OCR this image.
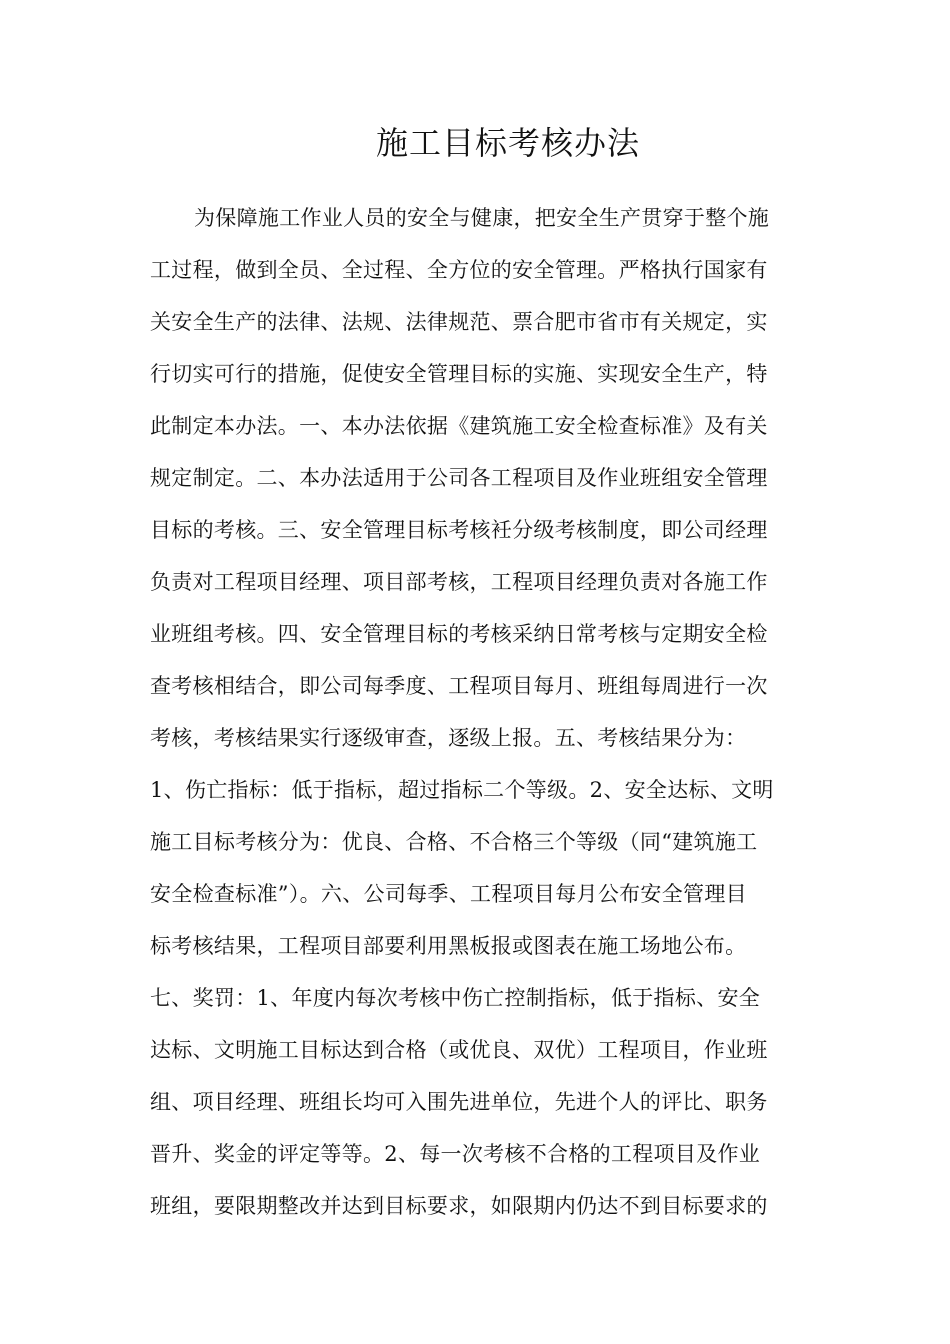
施工目标考核办法
为保障施工作业人员的安全与健康，把安全生产贯穿于整个施
工过程，做到全员、全过程、全方位的安全管理。严格执行国家有
关安全生产的法律、法规、法律规范、票合肥市省市有关规定，实
行切实可行的措施，促使安全管理目标的实施、实现安全生产，特
此制定本办法。一、本办法依据《建筑施工安全检查标准》及有关
规定制定。二、本办法适用于公司各工程项目及作业班组安全管理
目标的考核。三、安全管理目标考核衽分级考核制度，即公司经理
负责对工程项目经理、项目部考核，工程项目经理负责对各施工作
业班组考核。四、安全管理目标的考核采纳日常考核与定期安全检
查考核相结合，即公司每季度、工程项目每月、班组每周进行一次
考核，考核结果实行逐级审查，逐级上报。五、考核结果分为：
1、伤亡指标：低于指标，超过指标二个等级。2、安全达标、文明
施工目标考核分为：优良、合格、不合格三个等级（同“建筑施工
安全检查标准”）。六、公司每季、工程项目每月公布安全管理目
标考核结果，工程项目部要利用黑板报或图表在施工场地公布。
七、奖罚：1、年度内每次考核中伤亡控制指标，低于指标、安全
达标、文明施工目标达到合格（或优良、双优）工程项目，作业班
组、项目经理、班组长均可入围先进单位，先进个人的评比、职务
晋升、奖金的评定等等。2、每一次考核不合格的工程项目及作业
班组，要限期整改并达到目标要求，如限期内仍达不到目标要求的
